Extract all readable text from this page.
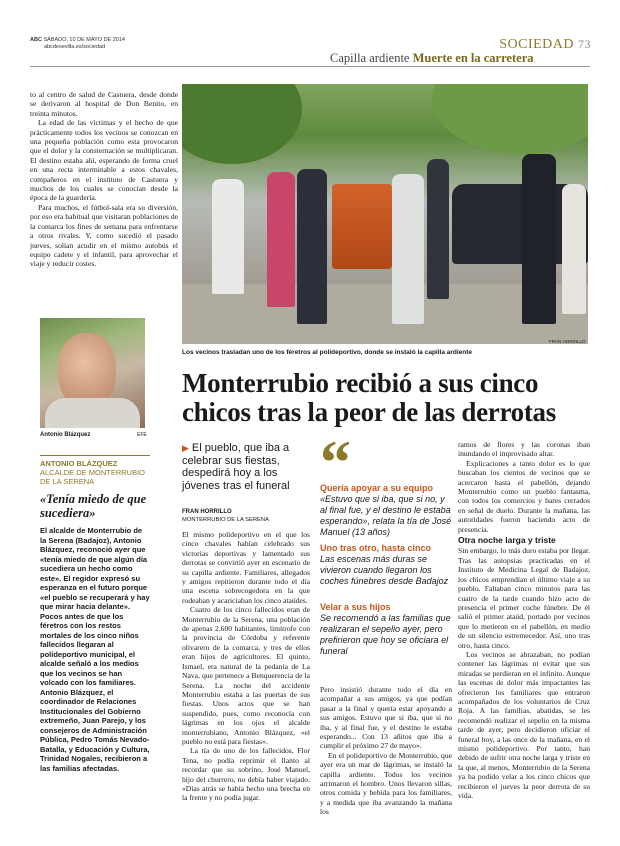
ABC SÁBADO, 10 DE MAYO DE 2014
abcdesevilla.es/sociedad	SOCIEDAD 73
Capilla ardiente Muerte en la carretera

to al centro de salud de Castuera, desde donde se derivaron al hospital de Don Benito, en treinta minutos.

La edad de las víctimas y el hecho de que prácticamente todos los vecinos se conozcan en una pequeña población como esta provocaron que el dolor y la consternación se multiplicaran. El destino estaba ahí, esperando de forma cruel en una recta interminable a estos chavales, compañeros en el instituto de Castuera y muchos de los cuales se conocían desde la época de la guardería.

Para muchos, el fútbol-sala era su diversión, por eso era habitual que visitaran poblaciones de la comarca los fines de semana para enfrentarse a otros rivales. Y, como sucedió el pasado jueves, solían acudir en el mismo autobús el equipo cadete y el infantil, para aprovechar el viaje y reducir costes.

Antonio Blázquez	EFE
ANTONIO BLÁZQUEZ
ALCALDE DE MONTERRUBIO DE LA SERENA
«Tenía miedo de que sucediera»
El alcalde de Monterrubio de la Serena (Badajoz), Antonio Blázquez, reconoció ayer que «tenía miedo de que algún día sucediera un hecho como este». El regidor expresó su esperanza en el futuro porque «el pueblo se recuperará y hay que mirar hacia delante». Pocos antes de que los féretros con los restos mortales de los cinco niños fallecidos llegaran al polideportivo municipal, el alcalde señaló a los medios que los vecinos se han volcado con los familiares. Antonio Blázquez, el coordinador de Relaciones Institucionales del Gobierno extremeño, Juan Parejo, y los consejeros de Administración Pública, Pedro Tomás Nevado-Batalla, y Educación y Cultura, Trinidad Nogales, recibieron a las familias afectadas.
FRAN HORRILLO
Los vecinos trasladan uno de los féretros al polideportivo, donde se instaló la capilla ardiente
Monterrubio recibió a sus cinco chicos tras la peor de las derrotas
▶ El pueblo, que iba a celebrar sus fiestas, despedirá hoy a los jóvenes tras el funeral
FRAN HORRILLO
MONTERRUBIO DE LA SERENA

El mismo polideportivo en el que los cinco chavales habían celebrado sus victorias deportivas y lamentado sus derrotas se convirtió ayer en escenario de su capilla ardiente. Familiares, allegados y amigos repitieron durante todo el día una escena sobrecogedora en la que rodeaban y acariciaban los cinco ataúdes.

Cuatro de los cinco fallecidos eran de Monterrubio de la Serena, una población de apenas 2.600 habitantes, limítrofe con la provincia de Córdoba y referente olivarero de la comarca, y tres de ellos eran hijos de agricultores. El quinto, Ismael, era natural de la pedanía de La Nava, que pertenece a Benquerencia de la Serena. La noche del accidente Monterrubio estaba a las puertas de sus fiestas. Unos actos que se han suspendido, pues, como reconocía con lágrimas en los ojos el alcalde monterrubiano, Antonio Blázquez, «el pueblo no está para fiestas».

La tía de uno de los fallecidos, Flor Tena, no podía reprimir el llanto al recordar que su sobrino, José Manuel, hijo del churrero, no debía haber viajado. «Días atrás se había hecho una brecha en la frente y no podía jugar.

“
Quería apoyar a su equipo
«Estuvo que si iba, que si no, y al final fue, y el destino le estaba esperando», relata la tía de José Manuel (13 años)
Uno tras otro, hasta cinco
Las escenas más duras se vivieron cuando llegaron los coches fúnebres desde Badajoz
Velar a sus hijos
Se recomendó a las familias que realizaran el sepelio ayer, pero prefirieron que hoy se oficiara el funeral

Pero insistió durante todo el día en acompañar a sus amigos, ya que podían pasar a la final y quería estar apoyando a sus amigos. Estuvo que si iba, que si no iba, y al final fue, y el destino le estaba esperando... Con 13 añitos que iba a cumplir el próximo 27 de mayo».

En el polideportivo de Monterrubio, que ayer era un mar de lágrimas, se instaló la capilla ardiente. Todos los vecinos arrimaron el hombro. Unos llevaron sillas, otros comida y bebida para los familiares, y a medida que iba avanzando la mañana los

ramos de flores y las coronas iban inundando el improvisado altar.

Explicaciones a tanto dolor es lo que buscaban los cientos de vecinos que se acercaron hasta el pabellón, dejando Monterrubio como un pueblo fantasma, con todos los comercios y bares cerrados en señal de duelo. Durante la mañana, las autoridades fueron haciendo acto de presencia.

Otra noche larga y triste

Sin embargo, lo más duro estaba por llegar. Tras las autopsias practicadas en el Instituto de Medicina Legal de Badajoz, los chicos emprendían el último viaje a su pueblo. Faltaban cinco minutos para las cuatro de la tarde cuando hizo acto de presencia el primer coche fúnebre. De él salió el primer ataúd, portado por vecinos que lo metieron en el pabellón, en medio de un silencio estremecedor. Así, uno tras otro, hasta cinco.

Los vecinos se abrazaban, no podían contener las lágrimas ni evitar que sus miradas se perdieran en el infinito. Aunque las escenas de dolor más impactantes las ofrecieron los familiares que entraron acompañados de los voluntarios de Cruz Roja. A las familias, abatidas, se les recomendó realizar el sepelio en la misma tarde de ayer, pero decidieron oficiar el funeral hoy, a las once de la mañana, en el mismo polideportivo. Por tanto, han debido de sufrir otra noche larga y triste en la que, al menos, Monterrubio de la Serena ya ha podido velar a los cinco chicos que recibieron el jueves la peor derrota de su vida.
